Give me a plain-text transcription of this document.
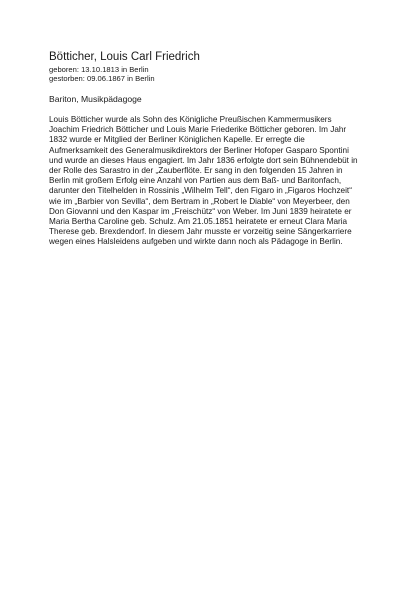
Bötticher, Louis Carl Friedrich
geboren: 13.10.1813 in Berlin
gestorben: 09.06.1867 in Berlin
Bariton, Musikpädagoge
Louis Bötticher wurde als Sohn des Königliche Preußischen Kammermusikers
Joachim Friedrich Bötticher und Louis Marie Friederike Bötticher geboren. Im Jahr
1832 wurde er Mitglied der Berliner Königlichen Kapelle. Er erregte die
Aufmerksamkeit des Generalmusikdirektors der Berliner Hofoper Gasparo Spontini
und wurde an dieses Haus engagiert. Im Jahr 1836 erfolgte dort sein Bühnendebüt in
der Rolle des Sarastro in der „Zauberflöte. Er sang in den folgenden 15 Jahren in
Berlin mit großem Erfolg eine Anzahl von Partien aus dem Baß- und Baritonfach,
darunter den Titelhelden in Rossinis „Wilhelm Tell“, den Figaro in „Figaros Hochzeit“
wie im „Barbier von Sevilla“, dem Bertram in „Robert le Diable“ von Meyerbeer, den
Don Giovanni und den Kaspar im „Freischütz“ von Weber. Im Juni 1839 heiratete er
Maria Bertha Caroline geb. Schulz. Am 21.05.1851 heiratete er erneut Clara Maria
Therese geb. Brexdendorf. In diesem Jahr musste er vorzeitig seine Sängerkarriere
wegen eines Halsleidens aufgeben und wirkte dann noch als Pädagoge in Berlin.
